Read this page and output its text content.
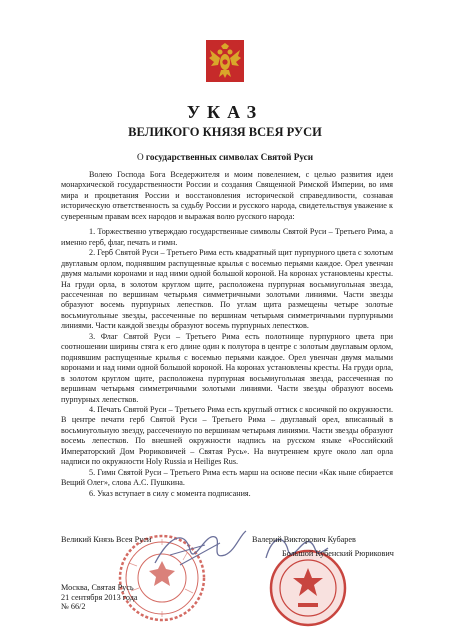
УКАЗ
ВЕЛИКОГО КНЯЗЯ ВСЕЯ РУСИ
О государственных символах Святой Руси

Волею Господа Бога Вседержителя и моим повелением, с целью развития идеи монархической государственности России и создания Священной Римской Империи, во имя мира и процветания России и восстановления исторической справедливости, сознавая историческую ответственность за судьбу России и русского народа, свидетельствуя уважение к суверенным правам всех народов и выражая волю русского народа:

1. Торжественно утверждаю государственные символы Святой Руси – Третьего Рима, а именно герб, флаг, печать и гимн.

2. Герб Святой Руси – Третьего Рима есть квадратный щит пурпурного цвета с золотым двуглавым орлом, поднявшим распущенные крылья с восемью перьями каждое. Орел увенчан двумя малыми коронами и над ними одной большой короной. На коронах установлены кресты. На груди орла, в золотом круглом щите, расположена пурпурная восьмиугольная звезда, рассеченная по вершинам четырьмя симметричными золотыми линиями. Части звезды образуют восемь пурпурных лепестков. По углам щита размещены четыре золотые восьмиугольные звезды, рассеченные по вершинам четырьмя симметричными пурпурными линиями. Части каждой звезды образуют восемь пурпурных лепестков.

3. Флаг Святой Руси – Третьего Рима есть полотнище пурпурного цвета при соотношении ширины стяга к его длине один к полутора в центре с золотым двуглавым орлом, поднявшим распущенные крылья с восемью перьями каждое. Орел увенчан двумя малыми коронами и над ними одной большой короной. На коронах установлены кресты. На груди орла, в золотом круглом щите, расположена пурпурная восьмиугольная звезда, рассеченная по вершинам четырьмя симметричными золотыми линиями. Части звезды образуют восемь пурпурных лепестков.

4. Печать Святой Руси – Третьего Рима есть круглый оттиск с косичкой по окружности. В центре печати герб Святой Руси – Третьего Рима – двуглавый орел, вписанный в восьмиугольную звезду, рассеченную по вершинам четырьмя линиями. Части звезды образуют восемь лепестков. По внешней окружности надпись на русском языке «Российский Императорский Дом Рюриковичей – Святая Русь». На внутреннем круге около лап орла надписи по окружности Holy Russia и Heiliges Rus.

5. Гимн Святой Руси – Третьего Рима есть марш на основе песни «Как ныне сбирается Вещий Олег», слова А.С. Пушкина.

6. Указ вступает в силу с момента подписания.

Великий Князь Всея Руси	Валерий Викторович Кубарев
Большой Кубенский Рюрикович
Москва, Святая Русь
21 сентября 2013 года
№ 66/2
